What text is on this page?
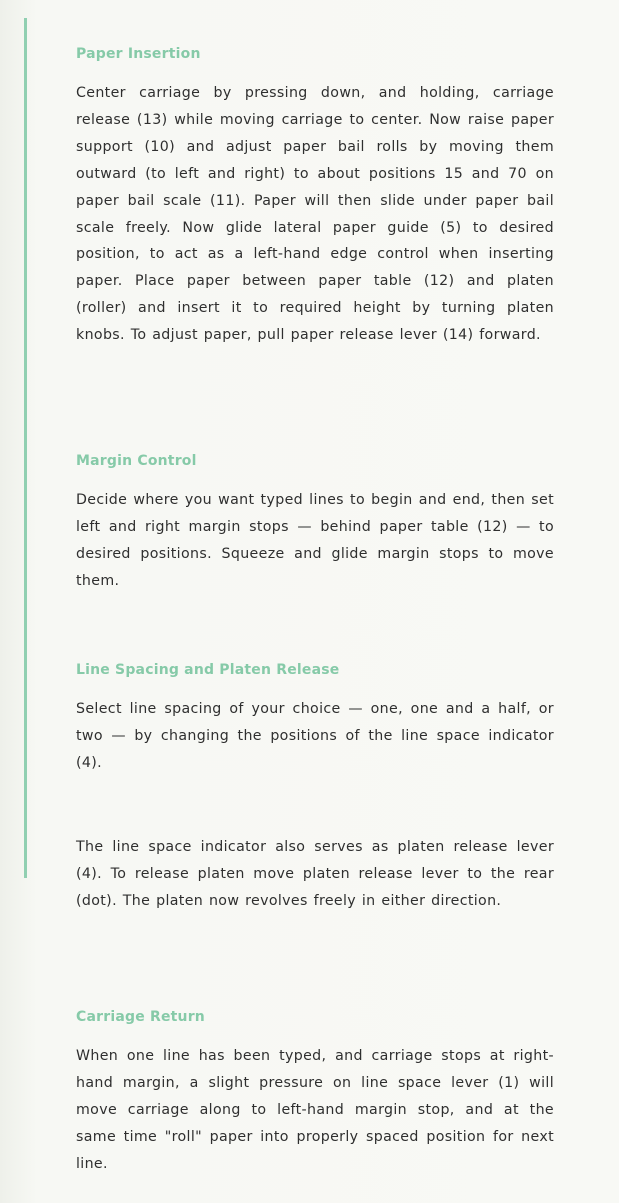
Paper Insertion

Center carriage by pressing down, and holding, carriage release (13) while moving carriage to center. Now raise paper support (10) and adjust paper bail rolls by moving them outward (to left and right) to about positions 15 and 70 on paper bail scale (11). Paper will then slide under paper bail scale freely. Now glide lateral paper guide (5) to desired position, to act as a left-hand edge control when inserting paper. Place paper between paper table (12) and platen (roller) and insert it to required height by turning platen knobs. To adjust paper, pull paper release lever (14) forward.

Margin Control

Decide where you want typed lines to begin and end, then set left and right margin stops — behind paper table (12) — to desired positions. Squeeze and glide margin stops to move them.

Line Spacing and Platen Release

Select line spacing of your choice — one, one and a half, or two — by changing the positions of the line space indicator (4).

The line space indicator also serves as platen release lever (4). To release platen move platen release lever to the rear (dot). The platen now revolves freely in either direction.

Carriage Return

When one line has been typed, and carriage stops at right-hand margin, a slight pressure on line space lever (1) will move carriage along to left-hand margin stop, and at the same time "roll" paper into properly spaced position for next line.
